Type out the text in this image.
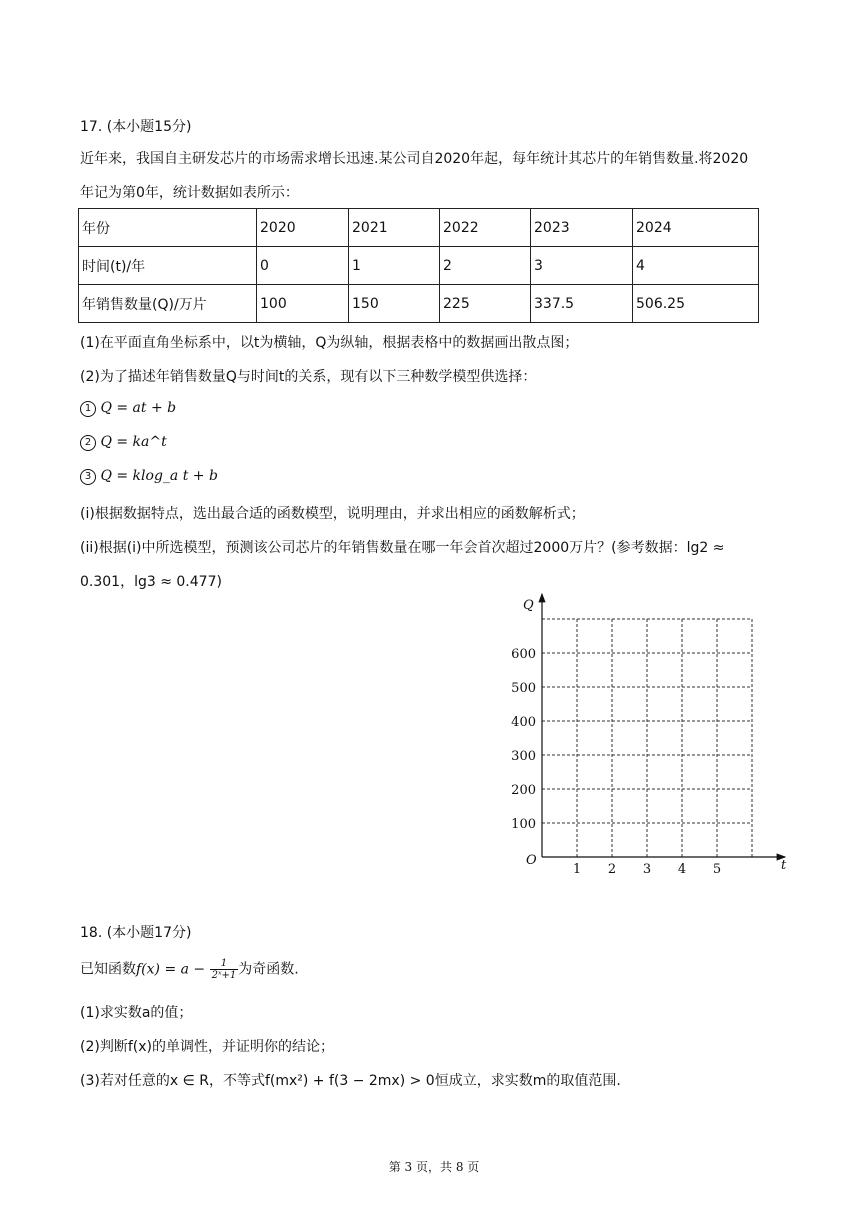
17. (本小题15分)

近年来，我国自主研发芯片的市场需求增长迅速.某公司自2020年起，每年统计其芯片的年销售数量.将2020

年记为第0年，统计数据如表所示：

年份	2020	2021	2022	2023	2024
时间(t)/年	0	1	2	3	4
年销售数量(Q)/万片	100	150	225	337.5	506.25

(1)在平面直角坐标系中，以t为横轴，Q为纵轴，根据表格中的数据画出散点图；

(2)为了描述年销售数量Q与时间t的关系，现有以下三种数学模型供选择：

1 Q = at + b

2 Q = ka^t

3 Q = klog_a t + b

(i)根据数据特点，选出最合适的函数模型，说明理由，并求出相应的函数解析式；

(ii)根据(i)中所选模型，预测该公司芯片的年销售数量在哪一年会首次超过2000万片？(参考数据：lg2 ≈

0.301，lg3 ≈ 0.477)

Q
t
O
100
200
300
400
500
600
1 2 3 4 5

18. (本小题17分)

已知函数$f(x) = a - \frac{1}{\text{2ˣ+1}}$ 为奇函数.

(1)求实数a的值；

(2)判断f(x)的单调性，并证明你的结论；

(3)若对任意的x ∈ R，不等式f(mx²) + f(3 − 2mx) > 0恒成立，求实数m的取值范围.

第 3 页，共 8 页
